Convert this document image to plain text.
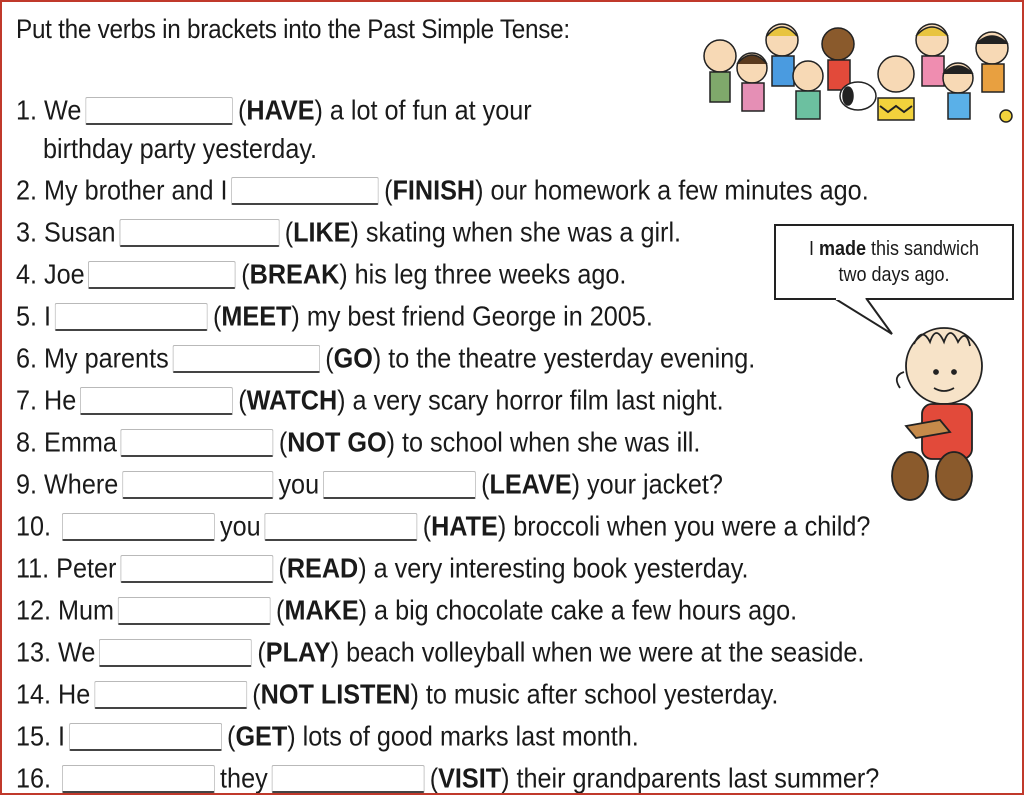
Put the verbs in brackets into the Past Simple Tense:
I made this sandwich
two days ago.
1. We	(HAVE) a lot of fun at your
birthday party yesterday.
2. My brother and I	(FINISH) our homework a few minutes ago.
3. Susan	(LIKE) skating when she was a girl.
4. Joe	(BREAK) his leg three weeks ago.
5. I	(MEET) my best friend George in 2005.
6. My parents	(GO) to the theatre yesterday evening.
7. He	(WATCH) a very scary horror film last night.
8. Emma	(NOT GO) to school when she was ill.
9. Where	you	(LEAVE) your jacket?
10.	you	(HATE) broccoli when you were a child?
11. Peter	(READ) a very interesting book yesterday.
12. Mum	(MAKE) a big chocolate cake a few hours ago.
13. We	(PLAY) beach volleyball when we were at the seaside.
14. He	(NOT LISTEN) to music after school yesterday.
15. I	(GET) lots of good marks last month.
16.	they	(VISIT) their grandparents last summer?
